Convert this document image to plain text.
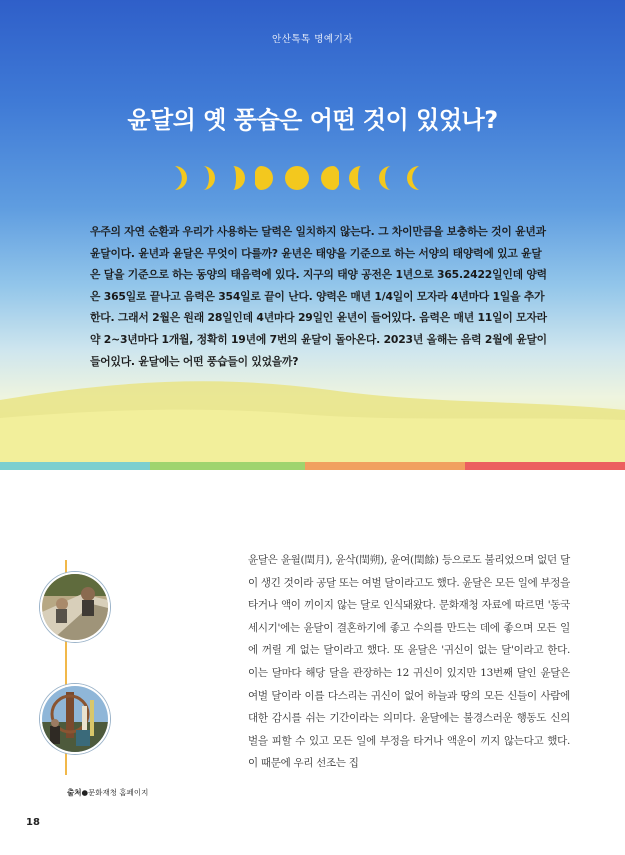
안산톡톡 명예기자
윤달의 옛 풍습은 어떤 것이 있었나?

우주의 자연 순환과 우리가 사용하는 달력은 일치하지 않는다. 그 차이만큼을 보충하는 것이 윤년과 윤달이다. 윤년과 윤달은 무엇이 다를까? 윤년은 태양을 기준으로 하는 서양의 태양력에 있고 윤달은 달을 기준으로 하는 동양의 태음력에 있다. 지구의 태양 공전은 1년으로 365.2422일인데 양력은 365일로 끝나고 음력은 354일로 끝이 난다. 양력은 매년 1/4일이 모자라 4년마다 1일을 추가한다. 그래서 2월은 원래 28일인데 4년마다 29일인 윤년이 들어있다. 음력은 매년 11일이 모자라 약 2~3년마다 1개월, 정확히 19년에 7번의 윤달이 돌아온다. 2023년 올해는 음력 2월에 윤달이 들어있다. 윤달에는 어떤 풍습들이 있었을까?

출처●문화재청 홈페이지

윤달은 윤월(閏月), 윤삭(閏朔), 윤여(閏餘) 등으로도 불리었으며 없던 달이 생긴 것이라 공달 또는 여벌 달이라고도 했다. 윤달은 모든 일에 부정을 타거나 액이 끼이지 않는 달로 인식돼왔다. 문화재청 자료에 따르면 '동국세시기'에는 윤달이 결혼하기에 좋고 수의를 만드는 데에 좋으며 모든 일에 꺼릴 게 없는 달이라고 했다. 또 윤달은 '귀신이 없는 달'이라고 한다. 이는 달마다 해당 달을 관장하는 12 귀신이 있지만 13번째 달인 윤달은 여벌 달이라 이를 다스리는 귀신이 없어 하늘과 땅의 모든 신들이 사람에 대한 감시를 쉬는 기간이라는 의미다. 윤달에는 불경스러운 행동도 신의 벌을 피할 수 있고 모든 일에 부정을 타거나 액운이 끼지 않는다고 했다. 이 때문에 우리 선조는 집

18
